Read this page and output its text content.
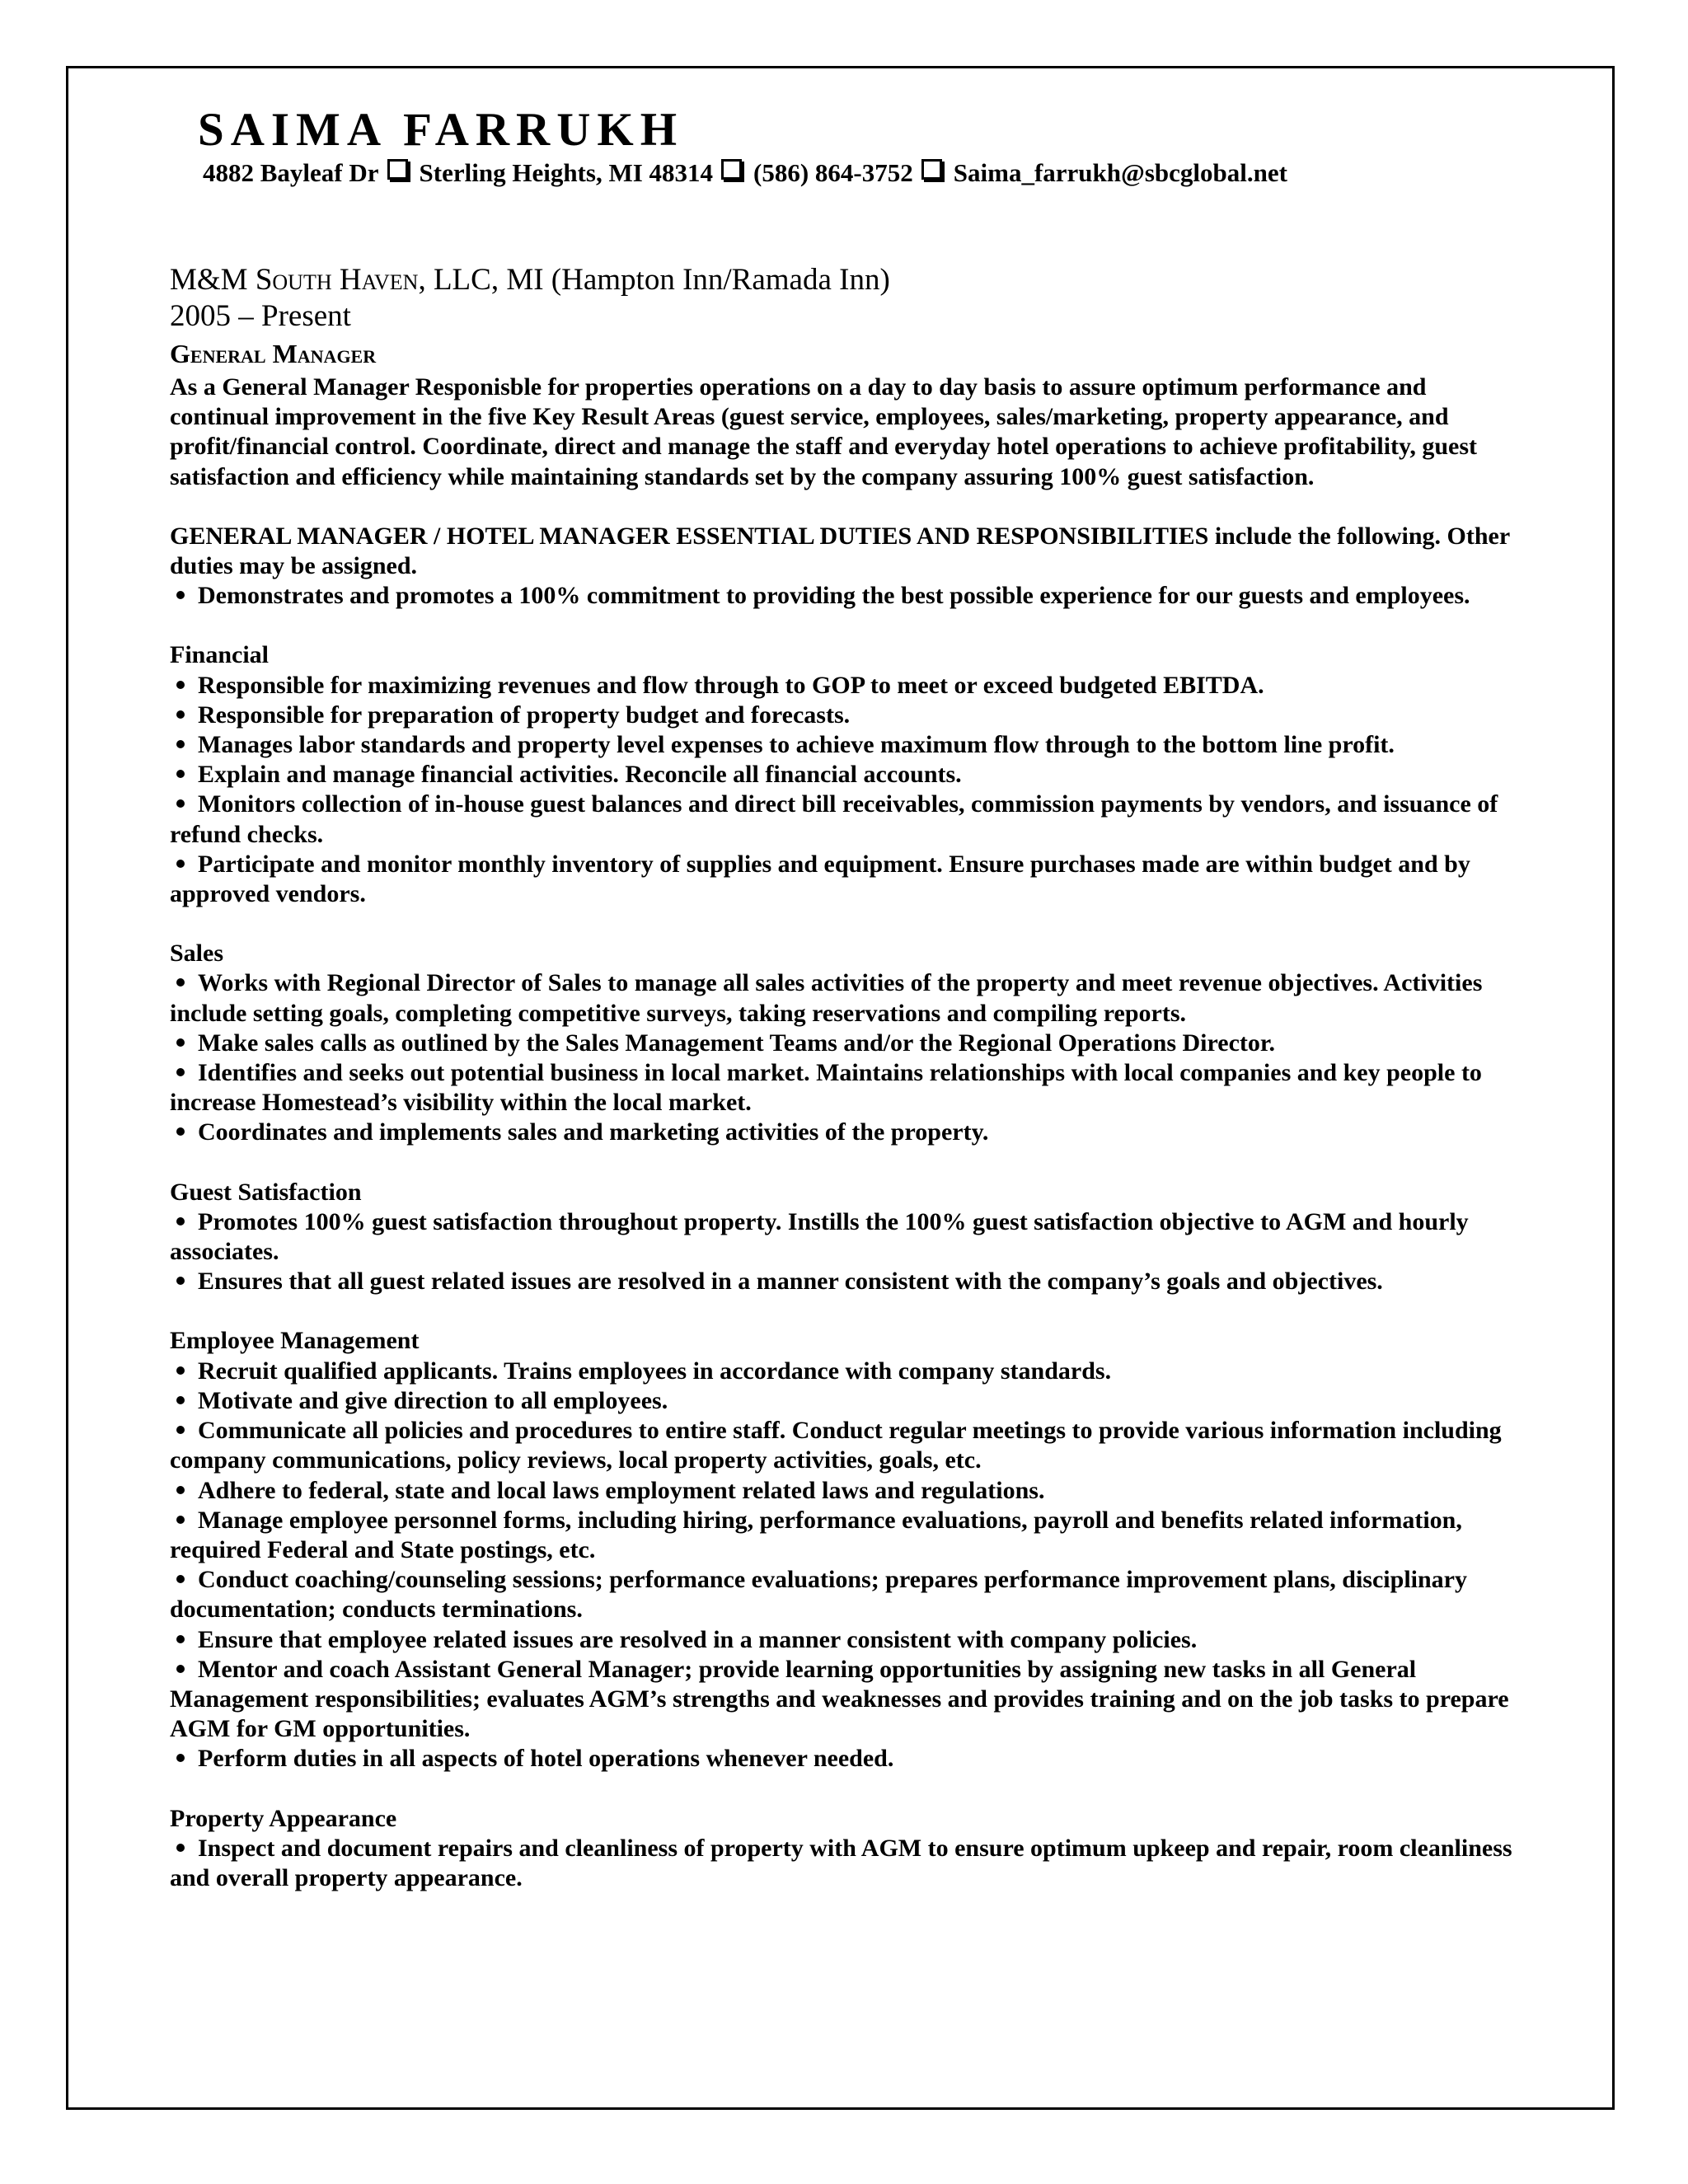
SAIMA FARRUKH
4882 Bayleaf Dr Sterling Heights, MI 48314 (586) 864-3752 Saima_farrukh@sbcglobal.net
M&M South Haven, LLC, MI (Hampton Inn/Ramada Inn)
2005 – Present
General Manager

As a General Manager Responisble for properties operations on a day to day basis to assure optimum performance and continual improvement in the five Key Result Areas (guest service, employees, sales/marketing, property appearance, and profit/financial control. Coordinate, direct and manage the staff and everyday hotel operations to achieve profitability, guest satisfaction and efficiency while maintaining standards set by the company assuring 100% guest satisfaction.

GENERAL MANAGER / HOTEL MANAGER ESSENTIAL DUTIES AND RESPONSIBILITIES include the following. Other duties may be assigned.

Demonstrates and promotes a 100% commitment to providing the best possible experience for our guests and employees.
Financial
Responsible for maximizing revenues and flow through to GOP to meet or exceed budgeted EBITDA.
Responsible for preparation of property budget and forecasts.
Manages labor standards and property level expenses to achieve maximum flow through to the bottom line profit.
Explain and manage financial activities. Reconcile all financial accounts.
Monitors collection of in-house guest balances and direct bill receivables, commission payments by vendors, and issuance of refund checks.
Participate and monitor monthly inventory of supplies and equipment. Ensure purchases made are within budget and by approved vendors.
Sales
Works with Regional Director of Sales to manage all sales activities of the property and meet revenue objectives. Activities include setting goals, completing competitive surveys, taking reservations and compiling reports.
Make sales calls as outlined by the Sales Management Teams and/or the Regional Operations Director.
Identifies and seeks out potential business in local market. Maintains relationships with local companies and key people to increase Homestead’s visibility within the local market.
Coordinates and implements sales and marketing activities of the property.
Guest Satisfaction
Promotes 100% guest satisfaction throughout property. Instills the 100% guest satisfaction objective to AGM and hourly associates.
Ensures that all guest related issues are resolved in a manner consistent with the company’s goals and objectives.
Employee Management
Recruit qualified applicants. Trains employees in accordance with company standards.
Motivate and give direction to all employees.
Communicate all policies and procedures to entire staff. Conduct regular meetings to provide various information including company communications, policy reviews, local property activities, goals, etc.
Adhere to federal, state and local laws employment related laws and regulations.
Manage employee personnel forms, including hiring, performance evaluations, payroll and benefits related information, required Federal and State postings, etc.
Conduct coaching/counseling sessions; performance evaluations; prepares performance improvement plans, disciplinary documentation; conducts terminations.
Ensure that employee related issues are resolved in a manner consistent with company policies.
Mentor and coach Assistant General Manager; provide learning opportunities by assigning new tasks in all General Management responsibilities; evaluates AGM’s strengths and weaknesses and provides training and on the job tasks to prepare AGM for GM opportunities.
Perform duties in all aspects of hotel operations whenever needed.
Property Appearance
Inspect and document repairs and cleanliness of property with AGM to ensure optimum upkeep and repair, room cleanliness and overall property appearance.
